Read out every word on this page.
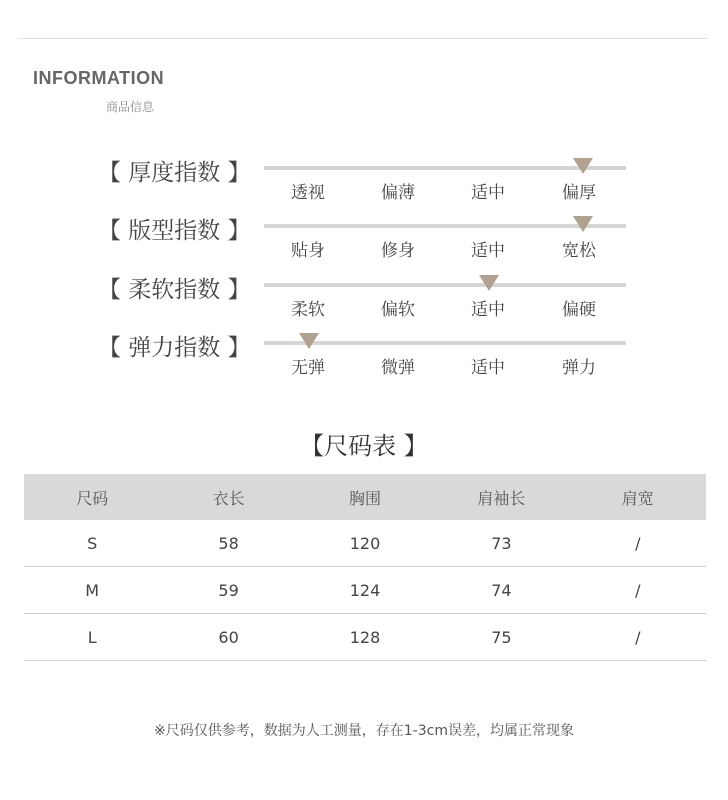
INFORMATION
商品信息
【 厚度指数 】
透视	偏薄	适中	偏厚
【 版型指数 】
贴身	修身	适中	宽松
【 柔软指数 】
柔软	偏软	适中	偏硬
【 弹力指数 】
无弹	微弹	适中	弹力
【尺码表 】
尺码	衣长	胸围	肩袖长	肩宽
S	58	120	73	/
M	59	124	74	/
L	60	128	75	/
※尺码仅供参考，数据为人工测量，存在1-3cm误差，均属正常现象
